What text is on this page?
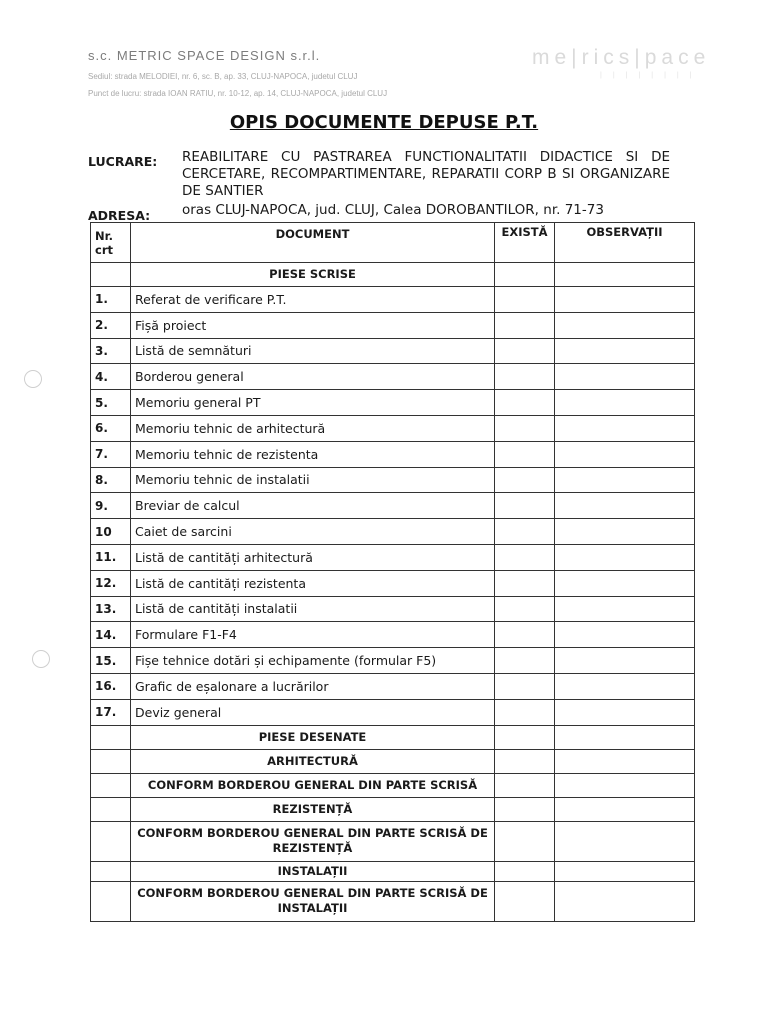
s.c. METRIC SPACE DESIGN s.r.l.
Sediul: strada MELODIEI, nr. 6, sc. B, ap. 33, CLUJ-NAPOCA, judetul CLUJ
Punct de lucru: strada IOAN RATIU, nr. 10-12, ap. 14, CLUJ-NAPOCA, judetul CLUJ
me|rics|pace
||||||||
OPIS DOCUMENTE DEPUSE P.T.
LUCRARE: REABILITARE CU PASTRAREA FUNCTIONALITATII DIDACTICE SI DE CERCETARE, RECOMPARTIMENTARE, REPARATII CORP B SI ORGANIZARE DE SANTIER
ADRESA: oras CLUJ-NAPOCA, jud. CLUJ, Calea DOROBANTILOR, nr. 71-73
Nr. crt	DOCUMENT	EXISTĂ	OBSERVAȚII
	PIESE SCRISE		
1.	Referat de verificare P.T.		
2.	Fișă proiect		
3.	Listă de semnături		
4.	Borderou general		
5.	Memoriu general PT		
6.	Memoriu tehnic de arhitectură		
7.	Memoriu tehnic de rezistenta		
8.	Memoriu tehnic de instalatii		
9.	Breviar de calcul		
10	Caiet de sarcini		
11.	Listă de cantități arhitectură		
12.	Listă de cantități rezistenta		
13.	Listă de cantități instalatii		
14.	Formulare F1-F4		
15.	Fișe tehnice dotări și echipamente (formular F5)		
16.	Grafic de eșalonare a lucrărilor		
17.	Deviz general		
	PIESE DESENATE		
	ARHITECTURĂ		
	CONFORM BORDEROU GENERAL DIN PARTE SCRISĂ		
	REZISTENȚĂ		
	CONFORM BORDEROU GENERAL DIN PARTE SCRISĂ DE REZISTENȚĂ		
	INSTALAȚII		
	CONFORM BORDEROU GENERAL DIN PARTE SCRISĂ DE INSTALAȚII		
